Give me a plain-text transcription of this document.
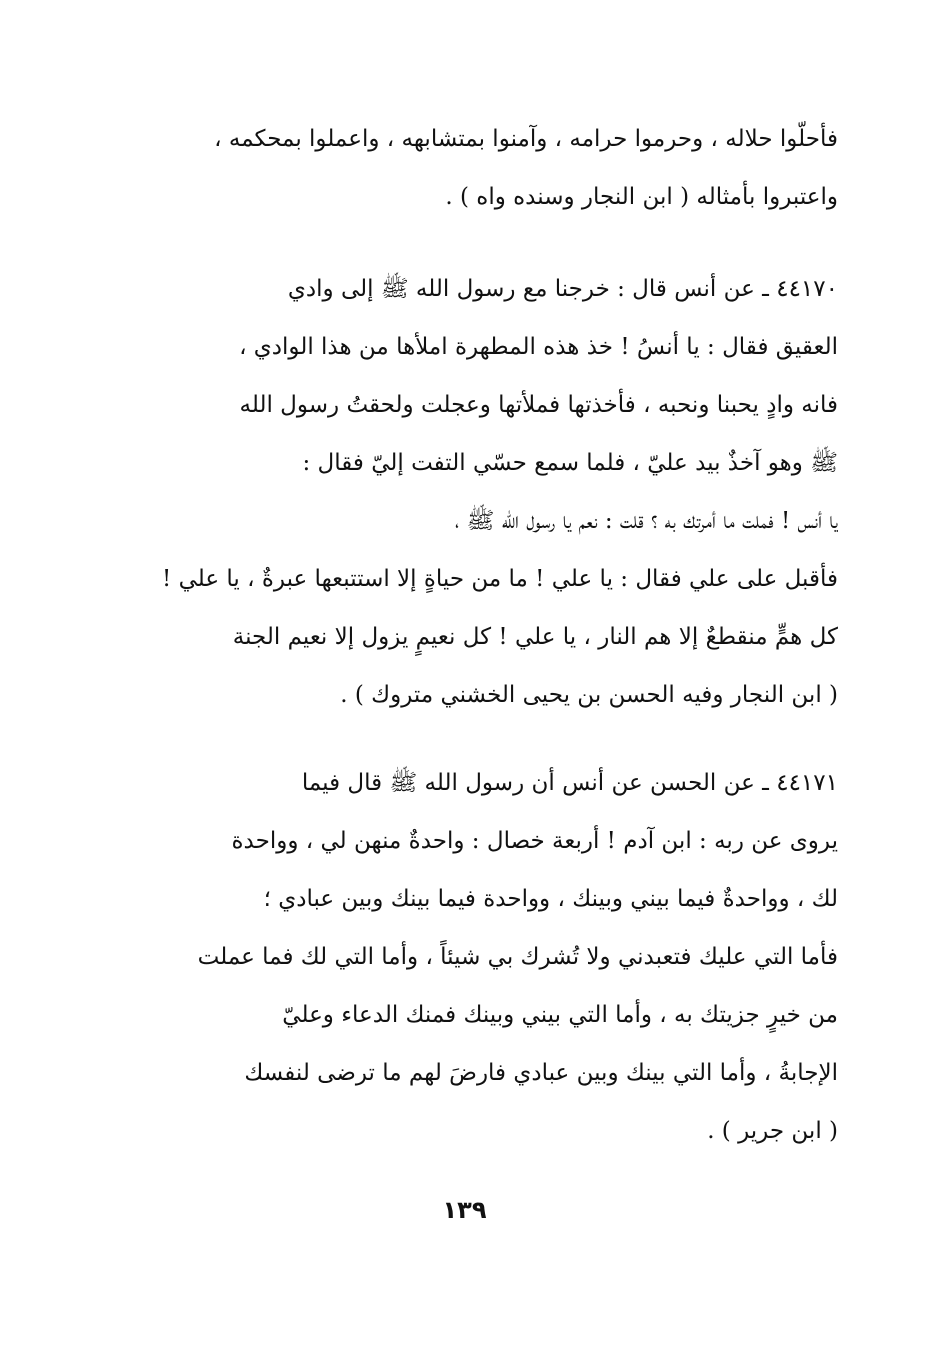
فأحلّوا حلاله ، وحرموا حرامه ، وآمنوا بمتشابهه ، واعملوا بمحكمه ،
واعتبروا بأمثاله ( ابن النجار وسنده واه ) .
٤٤١٧٠ ـ عن أنس قال : خرجنا مع رسول الله ﷺ إلى وادي
العقيق فقال : يا أنسُ ! خذ هذه المطهرة املأها من هذا الوادي ،
فانه وادٍ يحبنا ونحبه ، فأخذتها فملأتها وعجلت ولحقتُ رسول الله
ﷺ وهو آخذٌ بيد عليّ ، فلما سمع حسّي التفت إليّ فقال :
يا أنس ! فملت ما أمرتك به ؟ قلت : نعم يا رسول الله ﷺ ،
فأقبل على علي فقال : يا علي ! ما من حياةٍ إلا استتبعها عبرةٌ ، يا علي !
كل همٍّ منقطعٌ إلا هم النار ، يا علي ! كل نعيمٍ يزول إلا نعيم الجنة
( ابن النجار وفيه الحسن بن يحيى الخشني متروك ) .
٤٤١٧١ ـ عن الحسن عن أنس أن رسول الله ﷺ قال فيما
يروى عن ربه : ابن آدم ! أربعة خصال : واحدةٌ منهن لي ، وواحدة
لك ، وواحدةٌ فيما بيني وبينك ، وواحدة فيما بينك وبين عبادي ؛
فأما التي عليك فتعبدني ولا تُشرك بي شيئاً ، وأما التي لك فما عملت
من خيرٍ جزيتك به ، وأما التي بيني وبينك فمنك الدعاء وعليّ
الإجابةُ ، وأما التي بينك وبين عبادي فارضَ لهم ما ترضى لنفسك
( ابن جرير ) .
١٣٩
